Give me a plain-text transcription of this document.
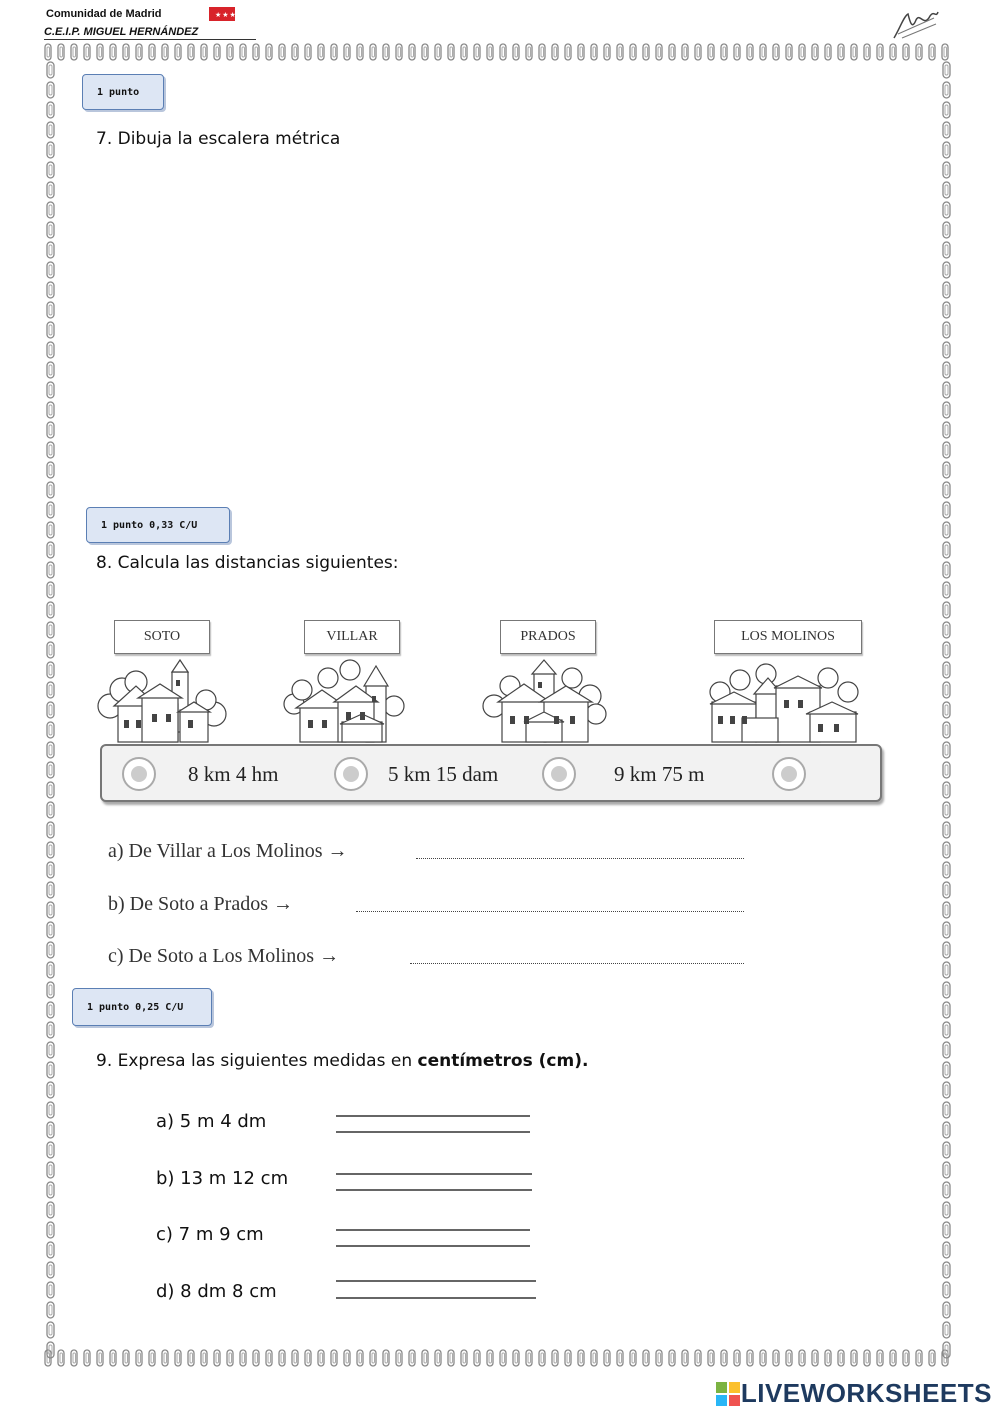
Comunidad de Madrid	★★★
C.E.I.P. MIGUEL HERNÁNDEZ
1 punto
7. Dibuja la escalera métrica
1 punto 0,33 C/U
8. Calcula las distancias siguientes:
SOTO	VILLAR	PRADOS	LOS MOLINOS
8 km 4 hm	5 km 15 dam	9 km 75 m
a) De Villar a Los Molinos →
b) De Soto a Prados →
c) De Soto a Los Molinos →
1 punto 0,25 C/U
9. Expresa las siguientes medidas en centímetros (cm).
a) 5 m 4 dm
b) 13 m 12 cm
c) 7 m 9 cm
d) 8 dm 8 cm
LIVEWORKSHEETS
